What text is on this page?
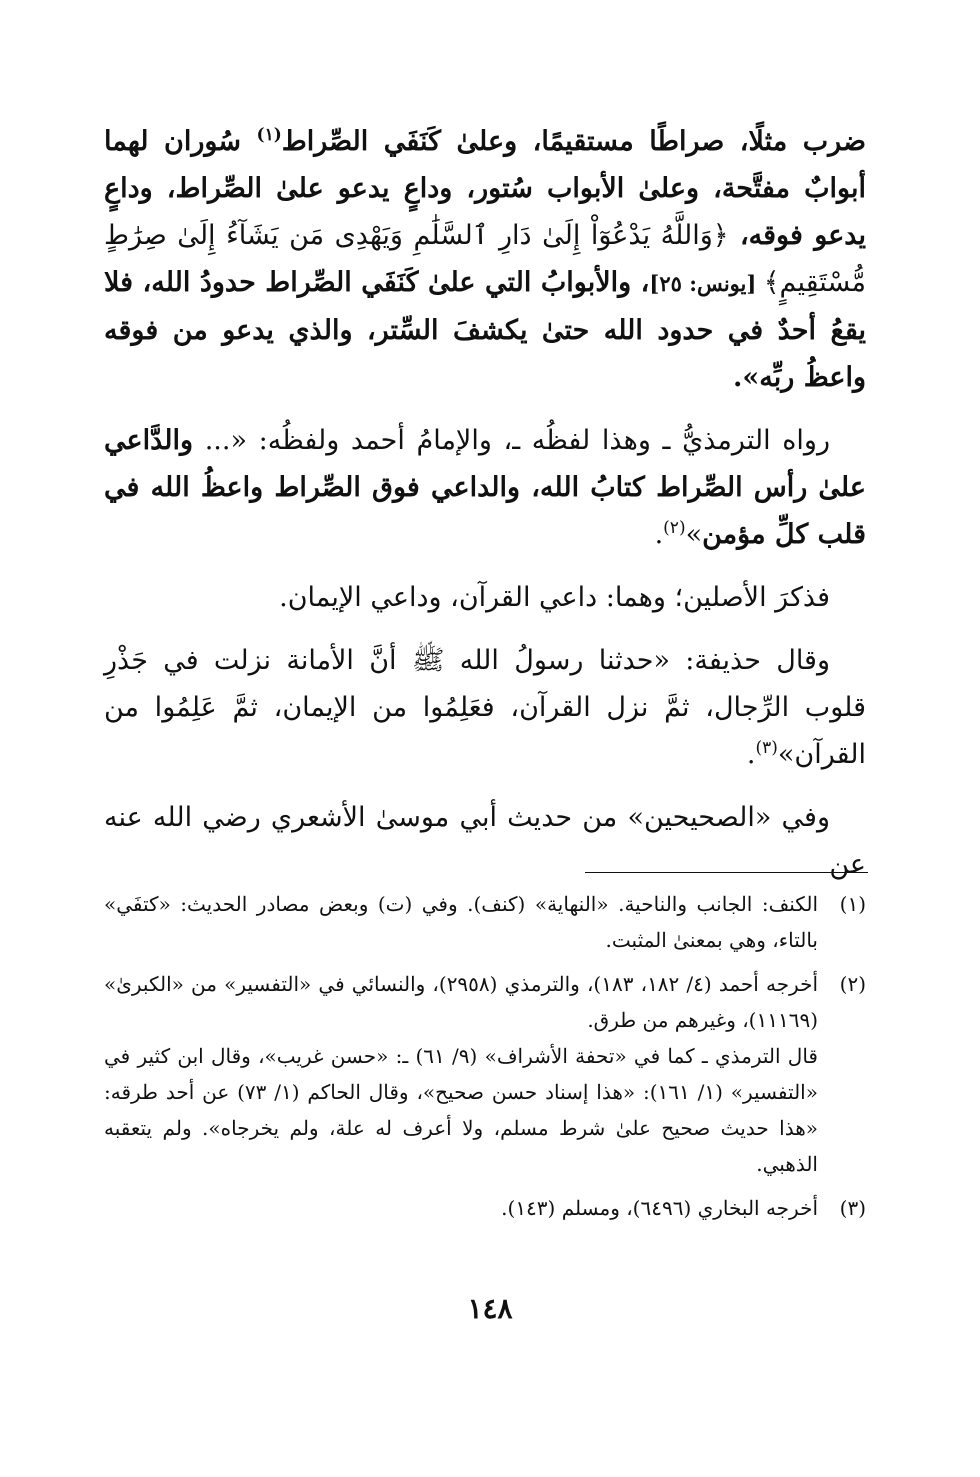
ضرب مثلًا، صراطًا مستقيمًا، وعلىٰ كَنَفَي الصِّراط$^{(١)}$ سُوران لهما أبوابٌ مفتَّحة، وعلىٰ الأبواب سُتور، وداعٍ يدعو علىٰ الصِّراط، وداعٍ يدعو فوقه، ﴿وَاللَّهُ يَدْعُوٓاْ إِلَىٰ دَارِ ٱلسَّلَٰمِ وَيَهْدِى مَن يَشَآءُ إِلَىٰ صِرَٰطٍ مُّسْتَقِيمٍ﴾ [يونس: ٢٥]، والأبوابُ التي علىٰ كَنَفَي الصِّراط حدودُ الله، فلا يقعُ أحدٌ في حدود الله حتىٰ يكشفَ السِّتر، والذي يدعو من فوقه واعظُ ربِّه».

رواه الترمذيُّ ـ وهذا لفظُه ـ، والإمامُ أحمد ولفظُه: «... والدَّاعي علىٰ رأس الصِّراط كتابُ الله، والداعي فوق الصِّراط واعظُ الله في قلب كلِّ مؤمن»$^{(٢)}$.

فذكرَ الأصلين؛ وهما: داعي القرآن، وداعي الإيمان.

وقال حذيفة: «حدثنا رسولُ الله ﷺ أنَّ الأمانة نزلت في جَذْرِ قلوب الرِّجال، ثمَّ نزل القرآن، فعَلِمُوا من الإيمان، ثمَّ عَلِمُوا من القرآن»$^{(٣)}$.

وفي «الصحيحين» من حديث أبي موسىٰ الأشعري رضي الله عنه عن

(١)

الكنف: الجانب والناحية. «النهاية» (كنف). وفي (ت) وبعض مصادر الحديث: «كتفَي» بالتاء، وهي بمعنىٰ المثبت.

(٢)

أخرجه أحمد (٤/ ١٨٢، ١٨٣)، والترمذي (٢٩٥٨)، والنسائي في «التفسير» من «الكبرىٰ» (١١١٦٩)، وغيرهم من طرق.

قال الترمذي ـ كما في «تحفة الأشراف» (٩/ ٦١) ـ: «حسن غريب»، وقال ابن كثير في «التفسير» (١/ ١٦١): «هذا إسناد حسن صحيح»، وقال الحاكم (١/ ٧٣) عن أحد طرقه: «هذا حديث صحيح علىٰ شرط مسلم، ولا أعرف له علة، ولم يخرجاه». ولم يتعقبه الذهبي.

(٣)

أخرجه البخاري (٦٤٩٦)، ومسلم (١٤٣).

١٤٨
